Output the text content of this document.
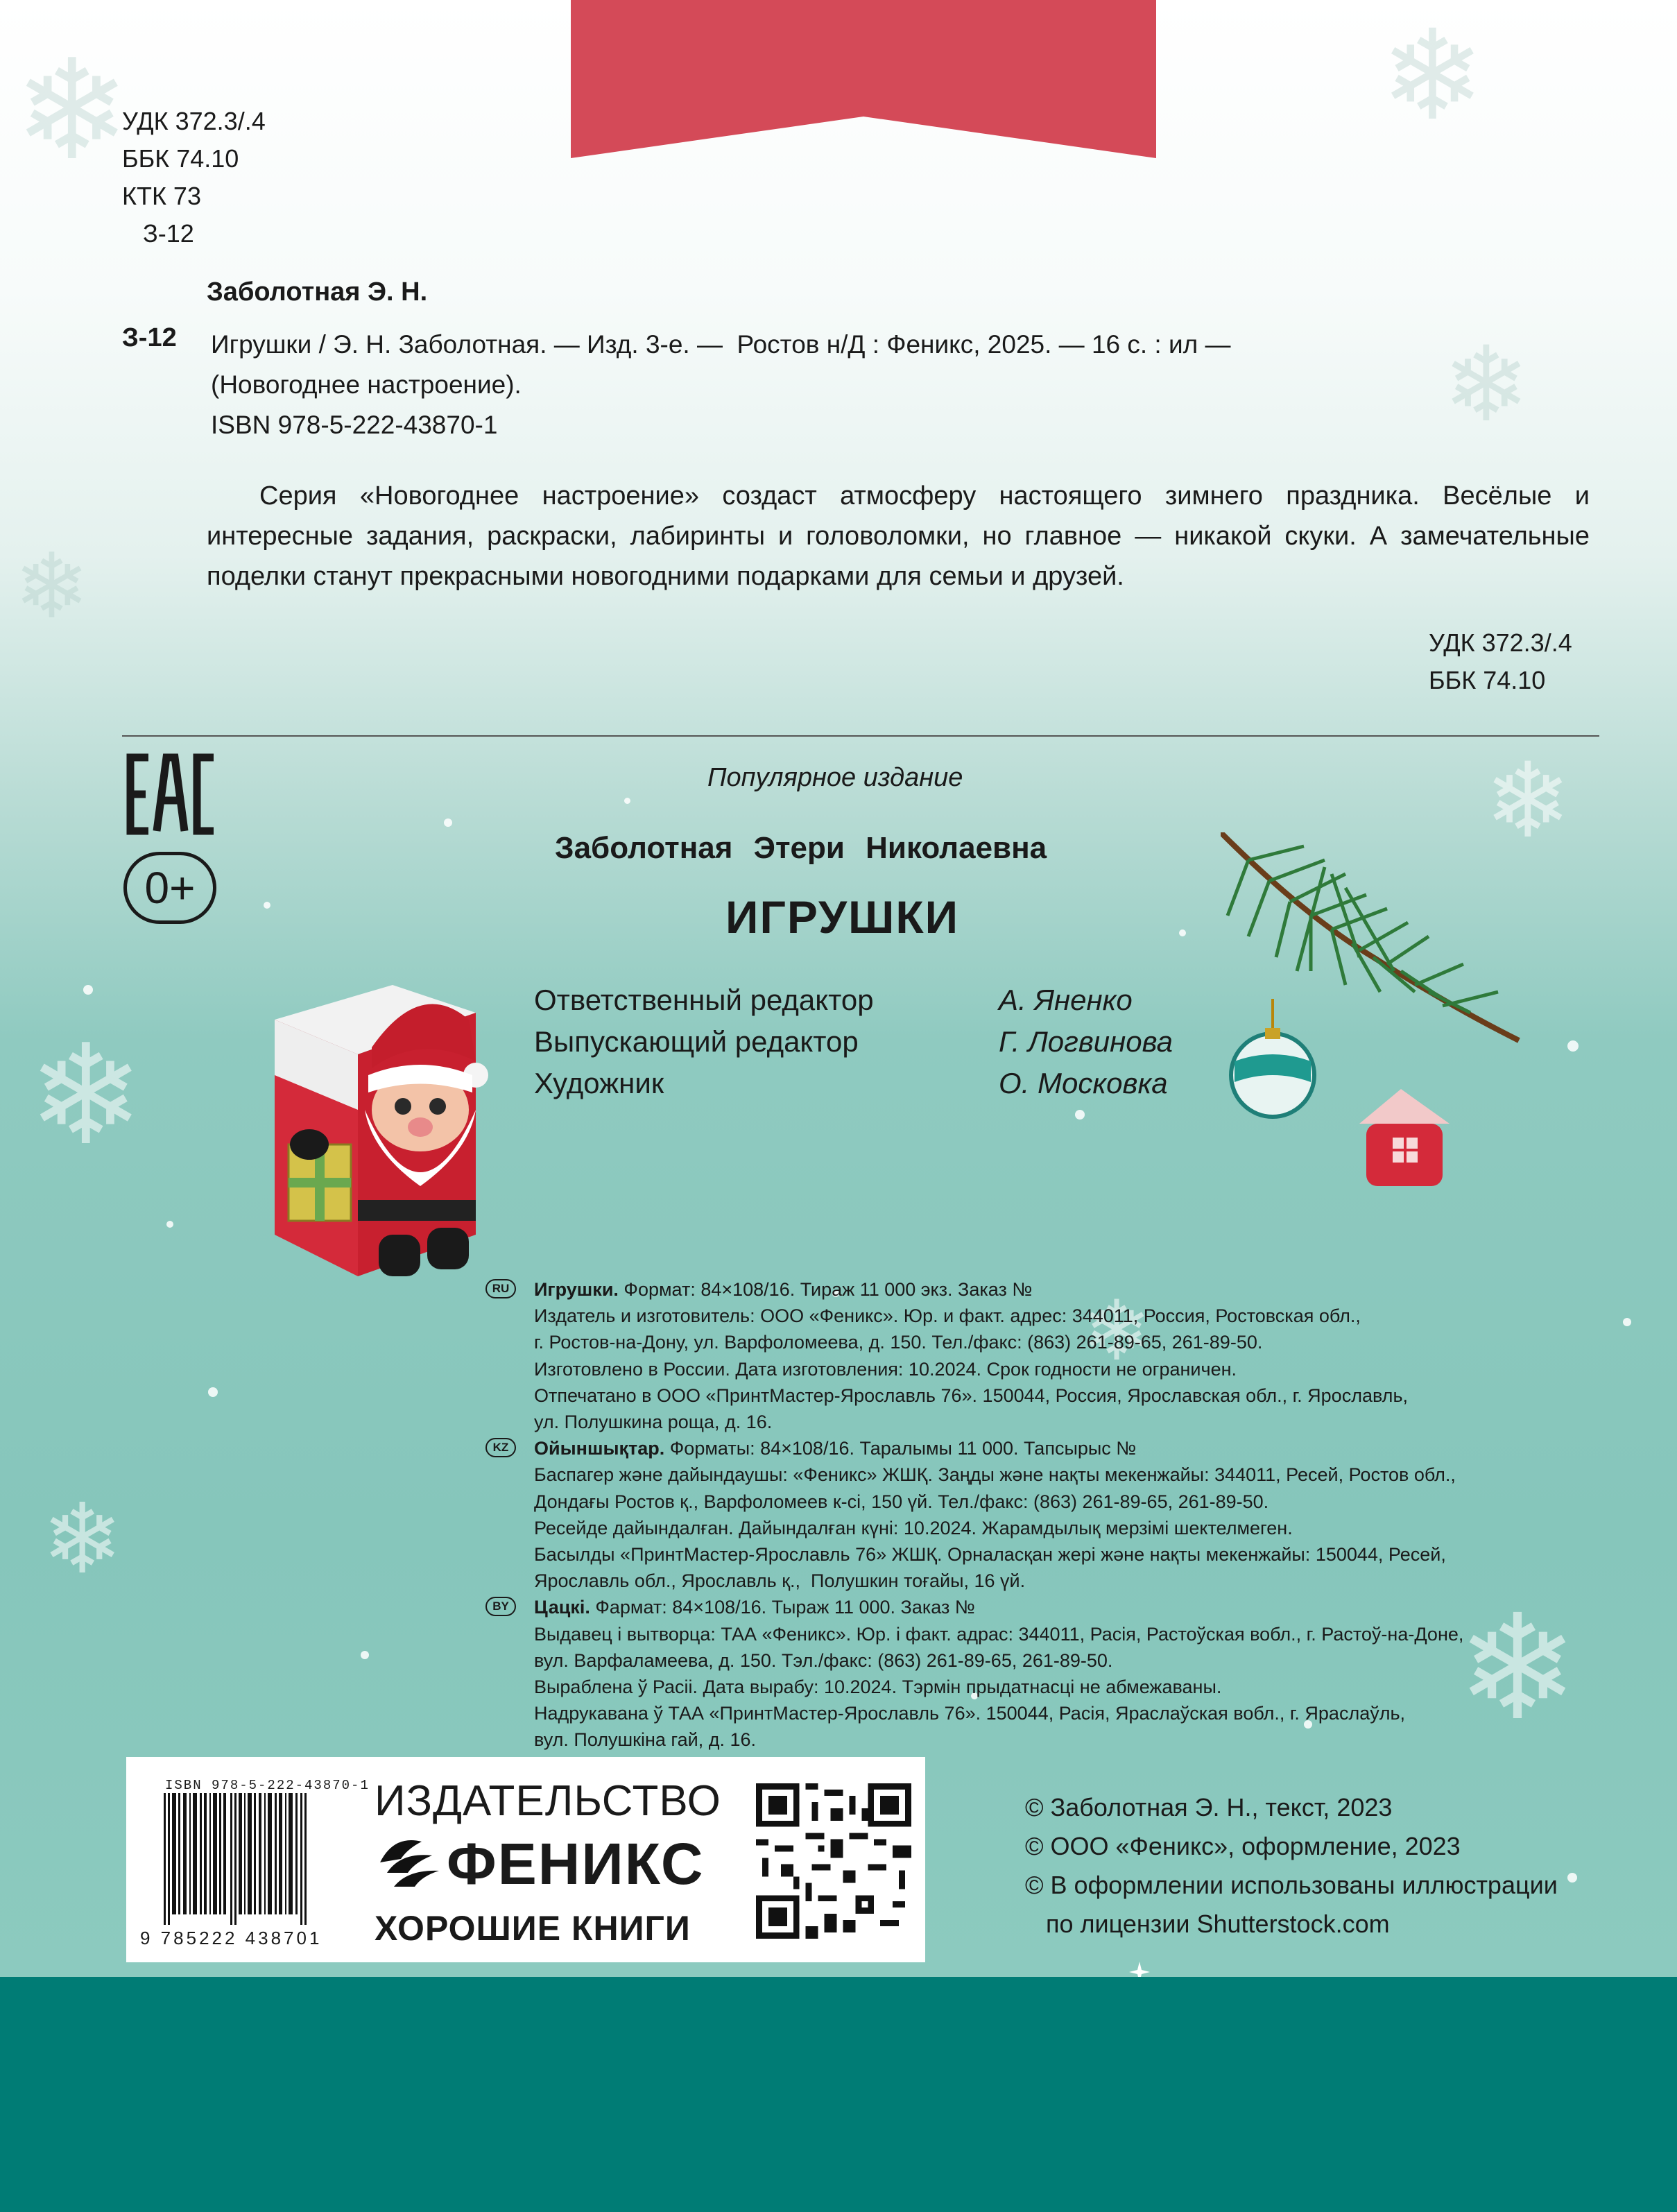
❄	❄
❄
❄
❄
❄
❄
❄
❄
УДК 372.3/.4
ББК 74.10
КТК 73
З-12
Заболотная Э. Н.
З-12 Игрушки / Э. Н. Заболотная. — Изд. 3-е. —  Ростов н/Д : Феникс, 2025. — 16 с. : ил —
(Новогоднее настроение).
ISBN 978-5-222-43870-1
Серия «Новогоднее настроение» создаст атмосферу настоящего зимнего праздника. Весёлые и интересные задания, раскраски, лабиринты и головоломки, но главное — никакой скуки. А замечательные поделки станут прекрасными новогодними подарками для семьи и друзей.
УДК 372.3/.4
ББК 74.10
EAC
0+
Популярное издание
Заболотная Этери Николаевна
ИГРУШКИ
Ответственный редактор	А. Яненко
Выпускающий редактор	Г. Логвинова
Художник	О. Московка
RU	Игрушки. Формат: 84×108/16. Тираж 11 000 экз. Заказ №
Издатель и изготовитель: ООО «Феникс». Юр. и факт. адрес: 344011, Россия, Ростовская обл.,
г. Ростов-на-Дону, ул. Варфоломеева, д. 150. Тел./факс: (863) 261-89-65, 261-89-50.
Изготовлено в России. Дата изготовления: 10.2024. Срок годности не ограничен.
Отпечатано в ООО «ПринтМастер-Ярославль 76». 150044, Россия, Ярославская обл., г. Ярославль,
ул. Полушкина роща, д. 16.
KZ	Ойыншықтар. Форматы: 84×108/16. Таралымы 11 000. Тапсырыс №
Баспагер және дайындаушы: «Феникс» ЖШҚ. Заңды және нақты мекенжайы: 344011, Ресей, Ростов обл.,
Дондағы Ростов қ., Варфоломеев к-сі, 150 үй. Тел./факс: (863) 261-89-65, 261-89-50.
Ресейде дайындалған. Дайындалған күні: 10.2024. Жарамдылық мерзімі шектелмеген.
Басылды «ПринтМастер-Ярославль 76» ЖШҚ. Орналасқан жері және нақты мекенжайы: 150044, Ресей,
Ярославль обл., Ярославль қ.,  Полушкин тоғайы, 16 үй.
BY	Цацкі. Фармат: 84×108/16. Тыраж 11 000. Заказ №
Выдавец і вытворца: ТАА «Феникс». Юр. і факт. адрас: 344011, Расія, Растоўская вобл., г. Растоў-на-Доне,
вул. Варфаламеева, д. 150. Тэл./факс: (863) 261-89-65, 261-89-50.
Выраблена ў Расіі. Дата вырабу: 10.2024. Тэрмін прыдатнасці не абмежаваны.
Надрукавана ў ТАА «ПринтМастер-Ярославль 76». 150044, Расія, Яраслаўская вобл., г. Яраслаўль,
вул. Полушкіна гай, д. 16.
ISBN 978-5-222-43870-1
9 785222 438701
ИЗДАТЕЛЬСТВО
ФЕНИКС
ХОРОШИЕ КНИГИ
© Заболотная Э. Н., текст, 2023
© ООО «Феникс», оформление, 2023
© В оформлении использованы иллюстрации
по лицензии Shutterstock.com
